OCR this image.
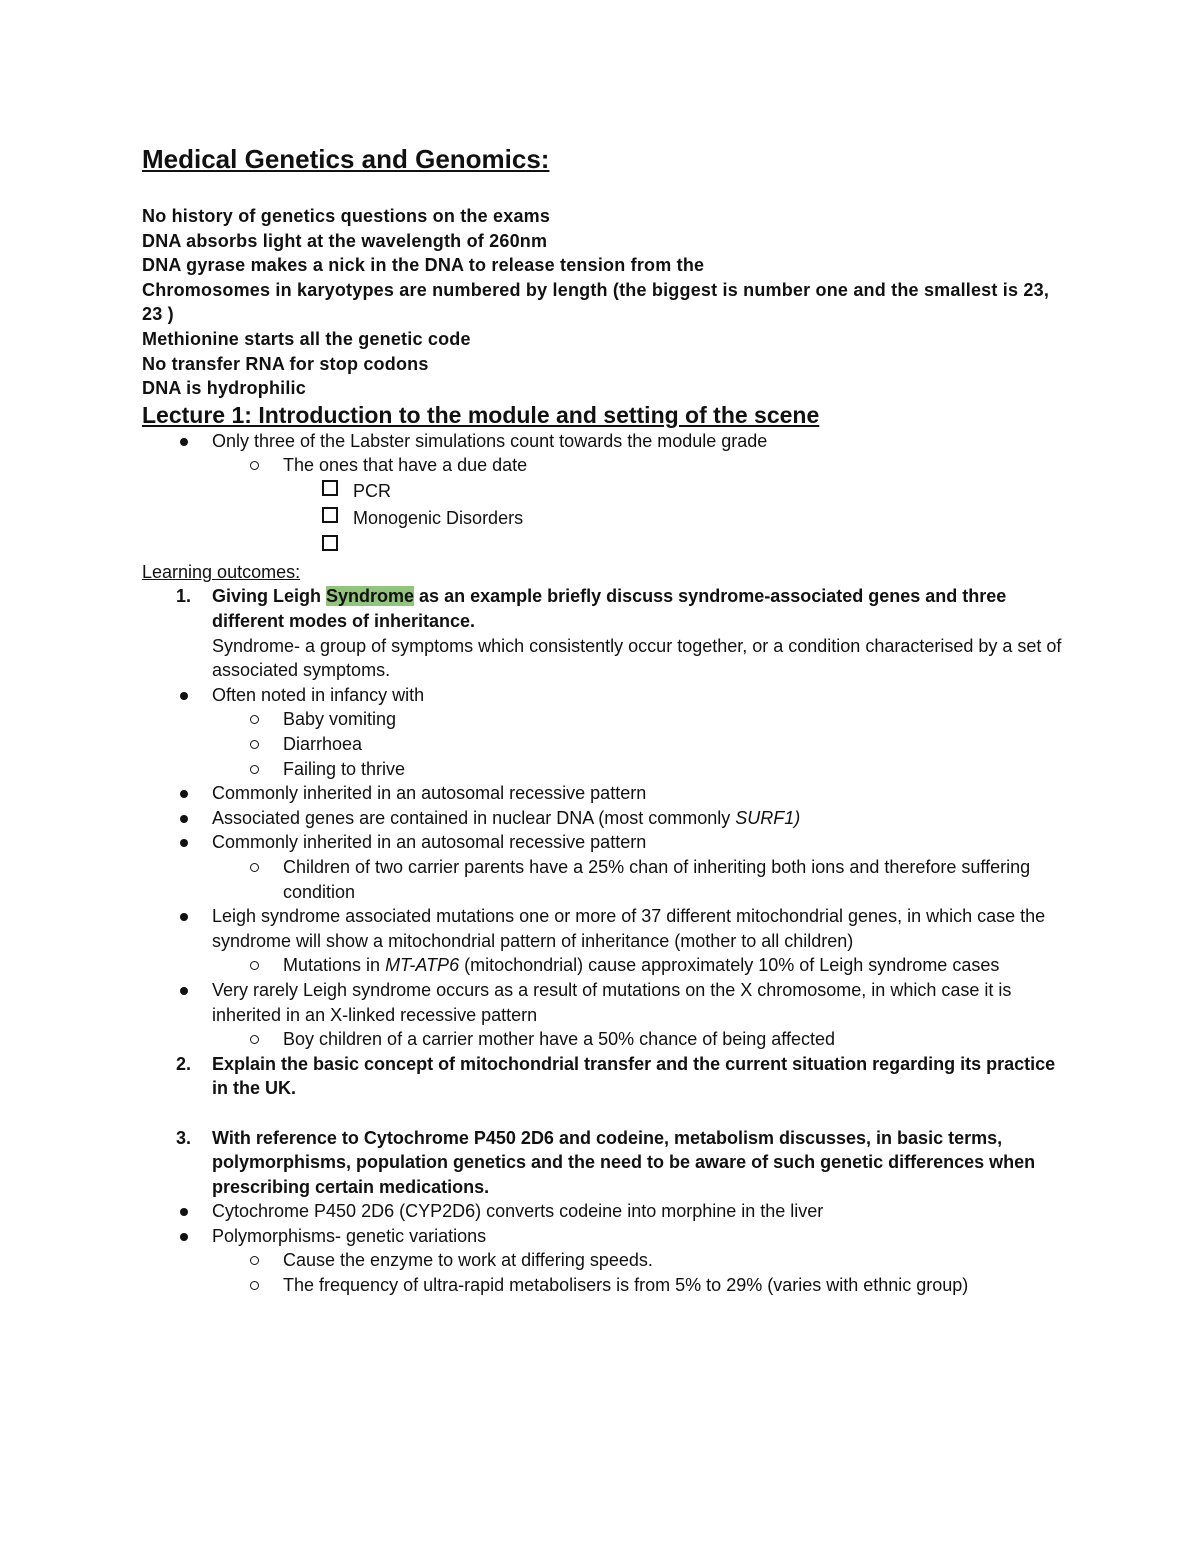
Medical Genetics and Genomics:
No history of genetics questions on the exams
DNA absorbs light at the wavelength of 260nm
DNA gyrase makes a nick in the DNA to release tension from the
Chromosomes in karyotypes are numbered by length (the biggest is number one and the smallest is 23, 23 )
Methionine starts all the genetic code
No transfer RNA for stop codons
DNA is hydrophilic
Lecture 1: Introduction to the module and setting of the scene
Only three of the Labster simulations count towards the module grade
The ones that have a due date
PCR
Monogenic Disorders

Learning outcomes:
1. Giving Leigh Syndrome as an example briefly discuss syndrome-associated genes and three different modes of inheritance.
Syndrome- a group of symptoms which consistently occur together, or a condition characterised by a set of associated symptoms.
Often noted in infancy with
Baby vomiting
Diarrhoea
Failing to thrive
Commonly inherited in an autosomal recessive pattern
Associated genes are contained in nuclear DNA (most commonly SURF1)
Commonly inherited in an autosomal recessive pattern
Children of two carrier parents have a 25% chan of inheriting both ions and therefore suffering condition
Leigh syndrome associated mutations one or more of 37 different mitochondrial genes, in which case the syndrome will show a mitochondrial pattern of inheritance (mother to all children)
Mutations in MT-ATP6 (mitochondrial) cause approximately 10% of Leigh syndrome cases
Very rarely Leigh syndrome occurs as a result of mutations on the X chromosome, in which case it is inherited in an X-linked recessive pattern
Boy children of a carrier mother have a 50% chance of being affected
2. Explain the basic concept of mitochondrial transfer and the current situation regarding its practice in the UK.
3. With reference to Cytochrome P450 2D6 and codeine, metabolism discusses, in basic terms, polymorphisms, population genetics and the need to be aware of such genetic differences when prescribing certain medications.
Cytochrome P450 2D6 (CYP2D6) converts codeine into morphine in the liver
Polymorphisms- genetic variations
Cause the enzyme to work at differing speeds.
The frequency of ultra-rapid metabolisers is from 5% to 29% (varies with ethnic group)
